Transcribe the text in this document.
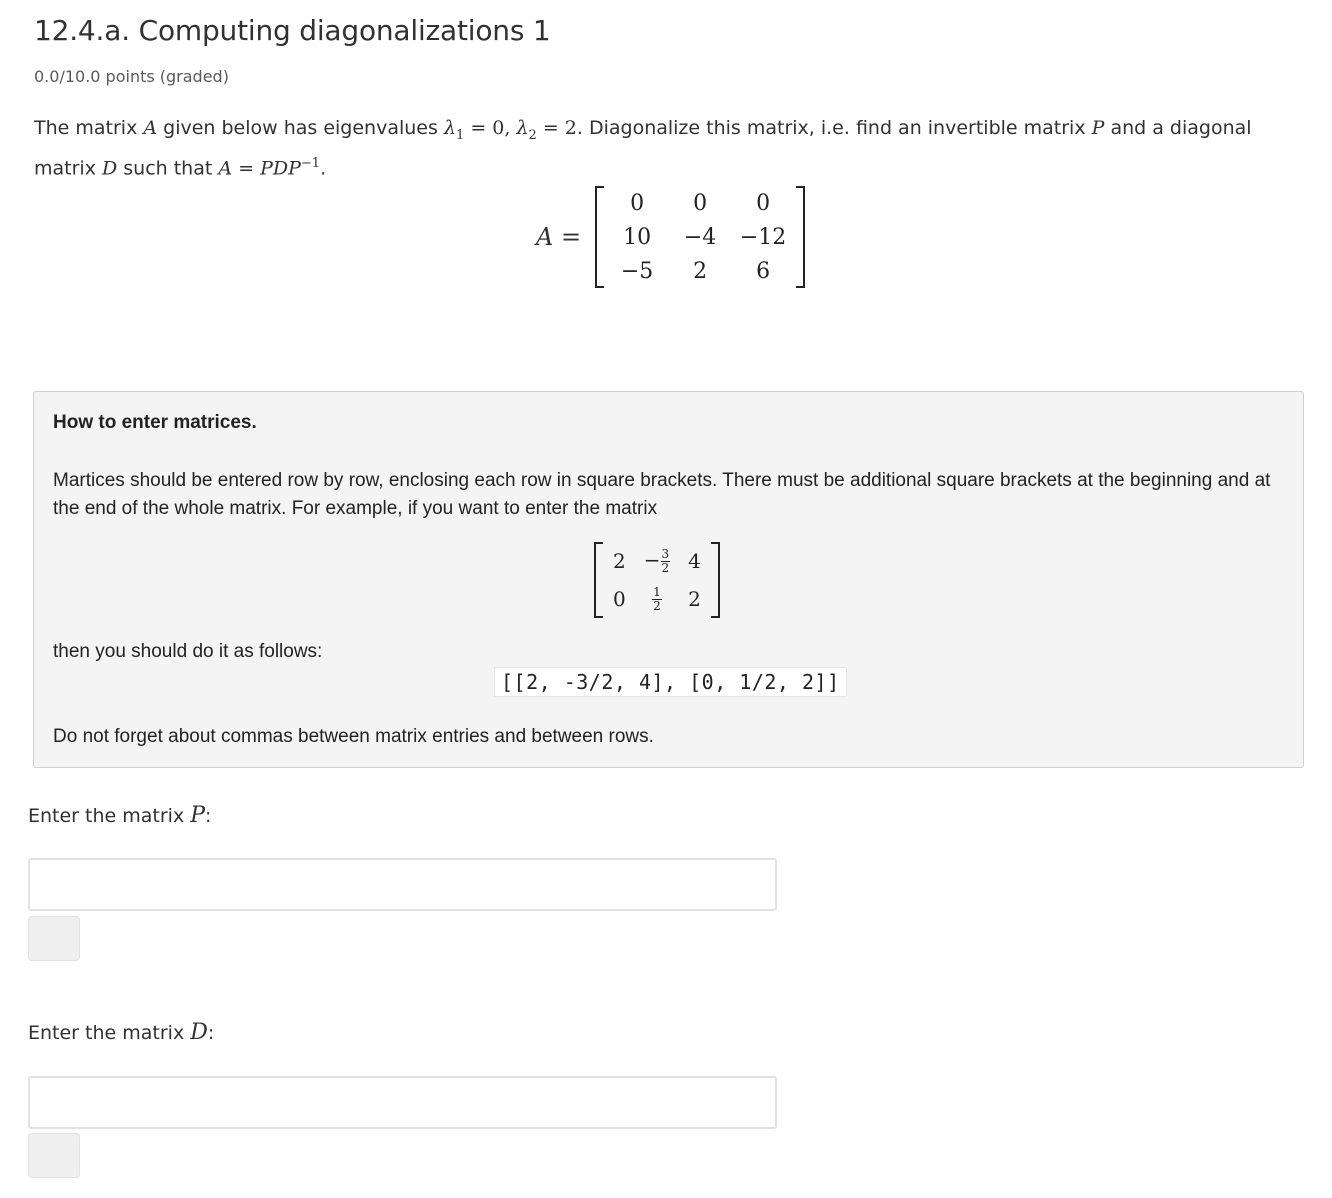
12.4.a. Computing diagonalizations 1
0.0/10.0 points (graded)
The matrix A given below has eigenvalues $\lambda_1 = 0$, $\lambda_2 = 2$. Diagonalize this matrix, i.e. find an invertible matrix P and a diagonal matrix D such that $A = PDP^{-1}$.
A =
0	0	0
10	−4	−12
−5	2	6
How to enter matrices.
Martices should be entered row by row, enclosing each row in square brackets. There must be additional square brackets at the beginning and at the end of the whole matrix. For example, if you want to enter the matrix
2	− $\frac{3}{2}$	4
0	$\frac{1}{2}$	2
then you should do it as follows:
[[2, -3/2, 4], [0, 1/2, 2]]
Do not forget about commas between matrix entries and between rows.
Enter the matrix P:
Enter the matrix D:
